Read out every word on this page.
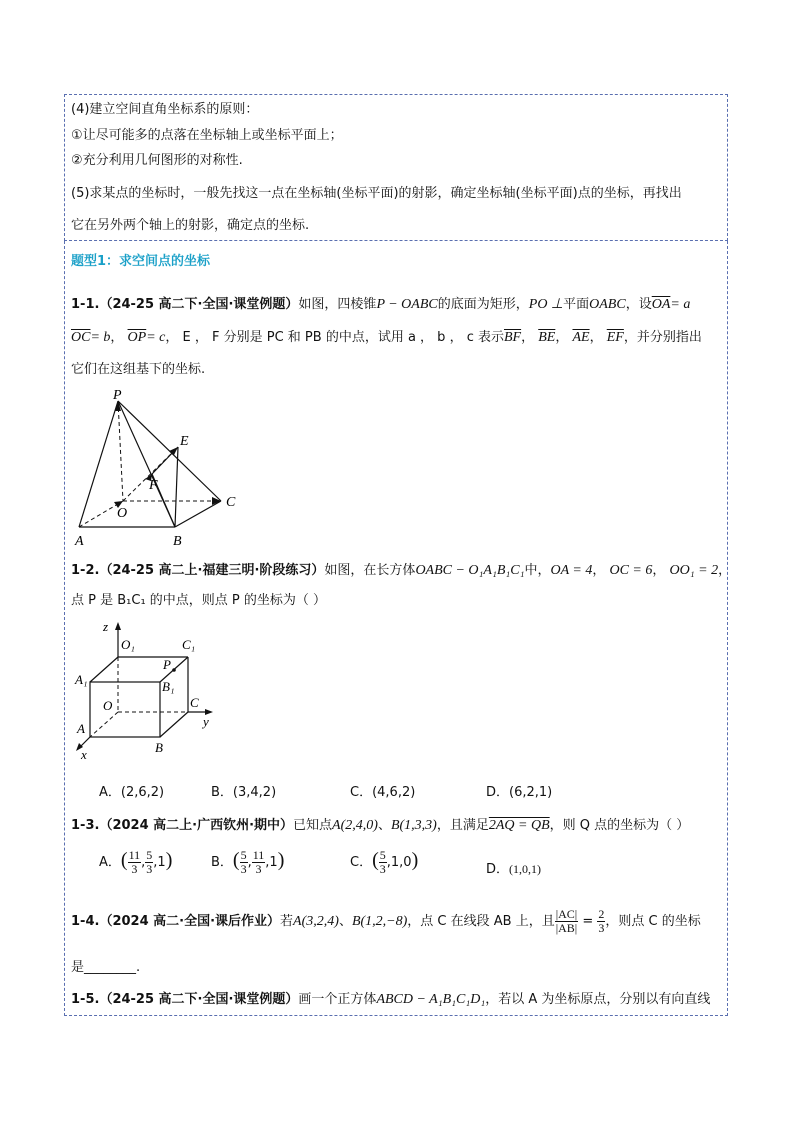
(4)建立空间直角坐标系的原则：
①让尽可能多的点落在坐标轴上或坐标平面上；
②充分利用几何图形的对称性.
(5)求某点的坐标时，一般先找这一点在坐标轴(坐标平面)的射影，确定坐标轴(坐标平面)点的坐标，再找出
它在另外两个轴上的射影，确定点的坐标.
题型1：求空间点的坐标
1-1.（24-25 高二下·全国·课堂例题）如图，四棱锥P − OABC的底面为矩形，PO ⊥平面OABC，设$\overline{OA}= a$
$\overline{OC}= b$， $\overline{OP}= c$， E ， F 分别是 PC 和 PB 的中点，试用 a ， b ， c 表示$\overline{BF}$， $\overline{BE}$， $\overline{AE}$， $\overline{EF}$，并分别指出
它们在这组基下的坐标.
P
E
F
O
C
A	B
1-2.（24-25 高二上·福建三明·阶段练习）如图，在长方体OABC − O₁A₁B₁C₁中，OA = 4， OC = 6， OO₁ = 2，
点 P 是 B₁C₁ 的中点，则点 P 的坐标为（ ）
z
O₁	C₁
P
A₁	B₁
O	C
y
A
B
x
A．(2,6,2)	B．(3,4,2)	C．(4,6,2)	D．(6,2,1)
1-3.（2024 高二上·广西钦州·期中）已知点A(2,4,0)、B(1,3,3)，且满足2AQ = QB，则 Q 点的坐标为（ ）
A．( $\frac{11}{3}$ , $\frac{5}{3} ,1$)	B．( $\frac{5}{3}$ , $\frac{11}{3} ,1$)	C．( $\frac{5}{3} ,1,0$)	D．(1,0,1)
1-4.（2024 高二·全国·课后作业）若A(3,2,4)、B(1,2,−8)，点 C 在线段 AB 上，且 $\frac{|AC|}{|AB|} = \frac{2}{3}$ ，则点 C 的坐标
是________.
1-5.（24-25 高二下·全国·课堂例题）画一个正方体ABCD − A₁B₁C₁D₁，若以 A 为坐标原点，分别以有向直线
